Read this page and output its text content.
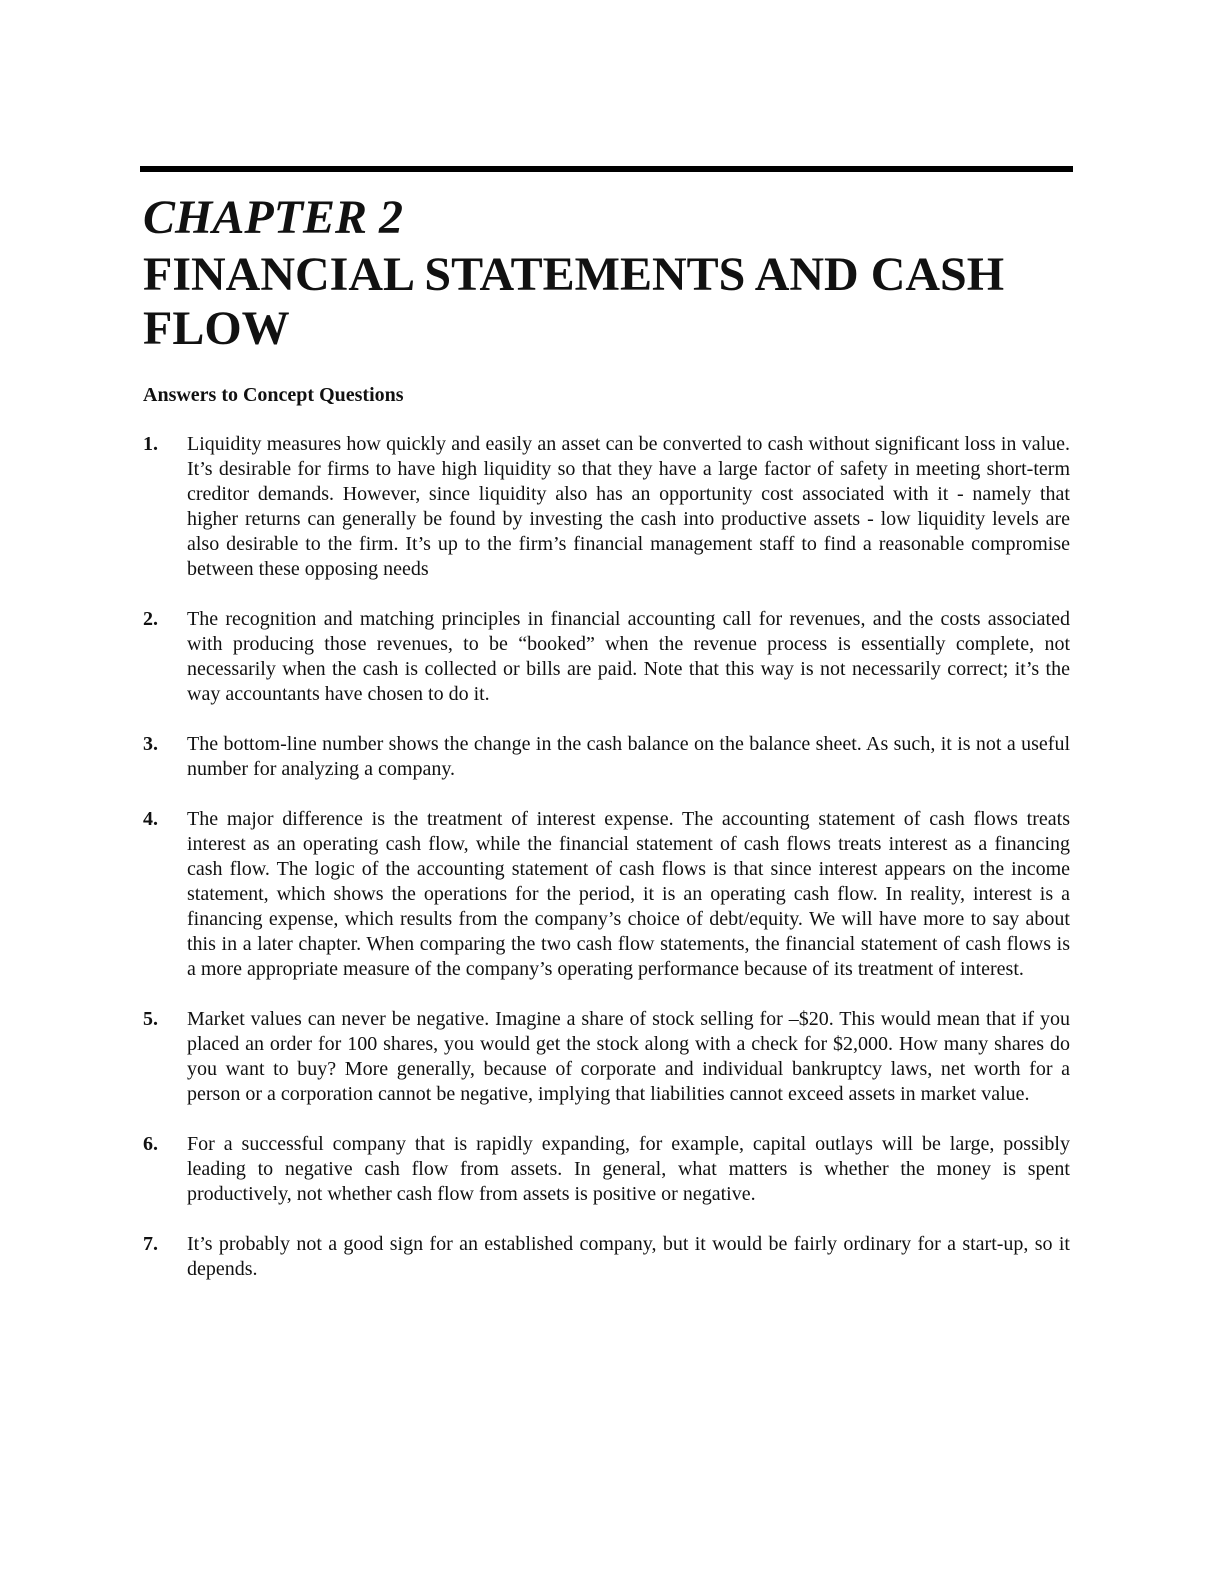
CHAPTER 2
FINANCIAL STATEMENTS AND CASH FLOW
Answers to Concept Questions
1.	Liquidity measures how quickly and easily an asset can be converted to cash without significant loss in value. It’s desirable for firms to have high liquidity so that they have a large factor of safety in meeting short-term creditor demands. However, since liquidity also has an opportunity cost associated with it - namely that higher returns can generally be found by investing the cash into productive assets - low liquidity levels are also desirable to the firm. It’s up to the firm’s financial management staff to find a reasonable compromise between these opposing needs
2.	The recognition and matching principles in financial accounting call for revenues, and the costs associated with producing those revenues, to be “booked” when the revenue process is essentially complete, not necessarily when the cash is collected or bills are paid. Note that this way is not necessarily correct; it’s the way accountants have chosen to do it.
3.	The bottom-line number shows the change in the cash balance on the balance sheet. As such, it is not a useful number for analyzing a company.
4.	The major difference is the treatment of interest expense. The accounting statement of cash flows treats interest as an operating cash flow, while the financial statement of cash flows treats interest as a financing cash flow. The logic of the accounting statement of cash flows is that since interest appears on the income statement, which shows the operations for the period, it is an operating cash flow. In reality, interest is a financing expense, which results from the company’s choice of debt/equity. We will have more to say about this in a later chapter. When comparing the two cash flow statements, the financial statement of cash flows is a more appropriate measure of the company’s operating performance because of its treatment of interest.
5.	Market values can never be negative. Imagine a share of stock selling for –$20. This would mean that if you placed an order for 100 shares, you would get the stock along with a check for $2,000. How many shares do you want to buy? More generally, because of corporate and individual bankruptcy laws, net worth for a person or a corporation cannot be negative, implying that liabilities cannot exceed assets in market value.
6.	For a successful company that is rapidly expanding, for example, capital outlays will be large, possibly leading to negative cash flow from assets. In general, what matters is whether the money is spent productively, not whether cash flow from assets is positive or negative.
7.	It’s probably not a good sign for an established company, but it would be fairly ordinary for a start-up, so it depends.
